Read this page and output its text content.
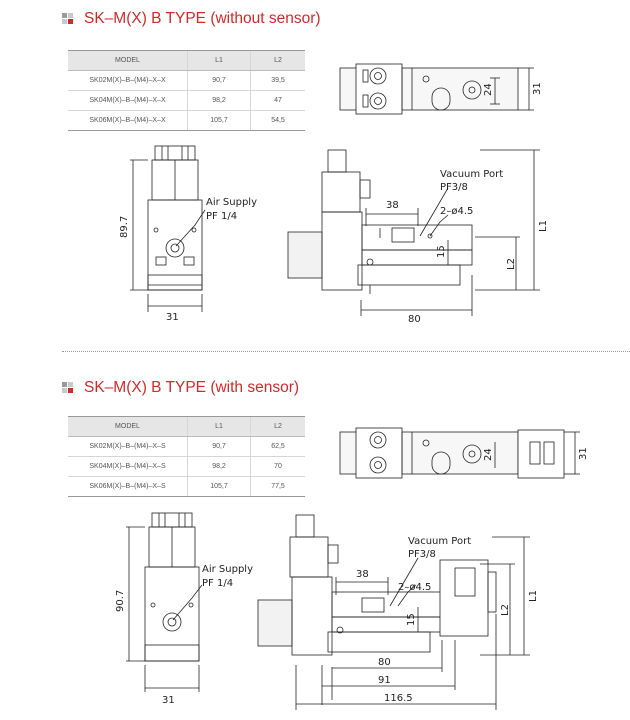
SK–M(X) B TYPE (without sensor)
MODEL	L1	L2
SK02M(X)–B–(M4)–X–X	90,7	39,5
SK04M(X)–B–(M4)–X–X	98,2	47
SK06M(X)–B–(M4)–X–X	105,7	54,5
31
24
89.7
31
Air Supply
PF 1/4
Vacuum Port
PF3/8
2–ø4.5
38
15
80
L1
L2
SK–M(X) B TYPE (with sensor)
MODEL	L1	L2
SK02M(X)–B–(M4)–X–S	90,7	62,5
SK04M(X)–B–(M4)–X–S	98,2	70
SK06M(X)–B–(M4)–X–S	105,7	77,5
31
24
90.7
31
Air Supply
PF 1/4
Vacuum Port
PF3/8
2–ø4.5
38
15
80
91
116.5
L1
L2
